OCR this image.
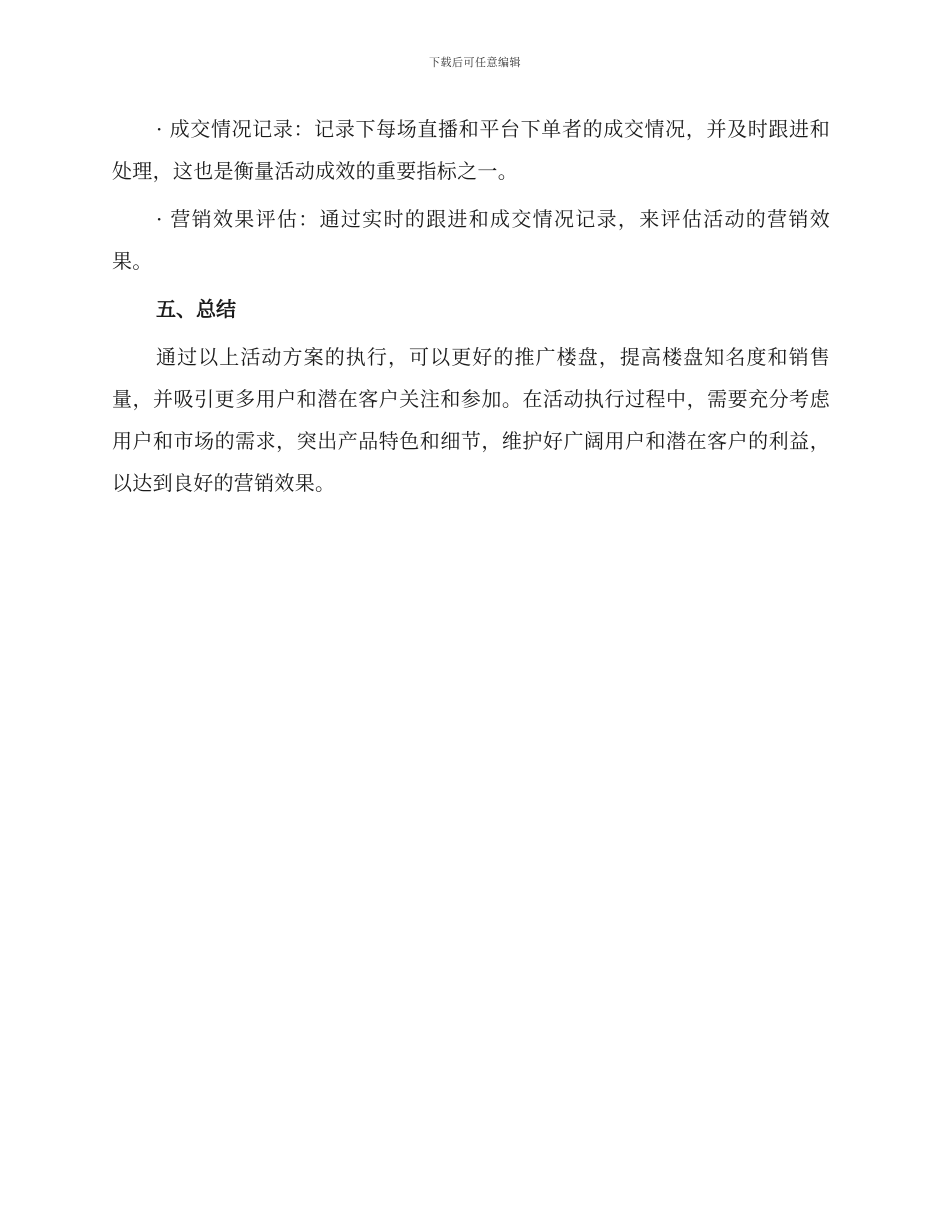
下载后可任意编辑

· 成交情况记录：记录下每场直播和平台下单者的成交情况，并及时跟进和处理，这也是衡量活动成效的重要指标之一。

· 营销效果评估：通过实时的跟进和成交情况记录，来评估活动的营销效果。

五、总结

通过以上活动方案的执行，可以更好的推广楼盘，提高楼盘知名度和销售量，并吸引更多用户和潜在客户关注和参加。在活动执行过程中，需要充分考虑用户和市场的需求，突出产品特色和细节，维护好广阔用户和潜在客户的利益，以达到良好的营销效果。
